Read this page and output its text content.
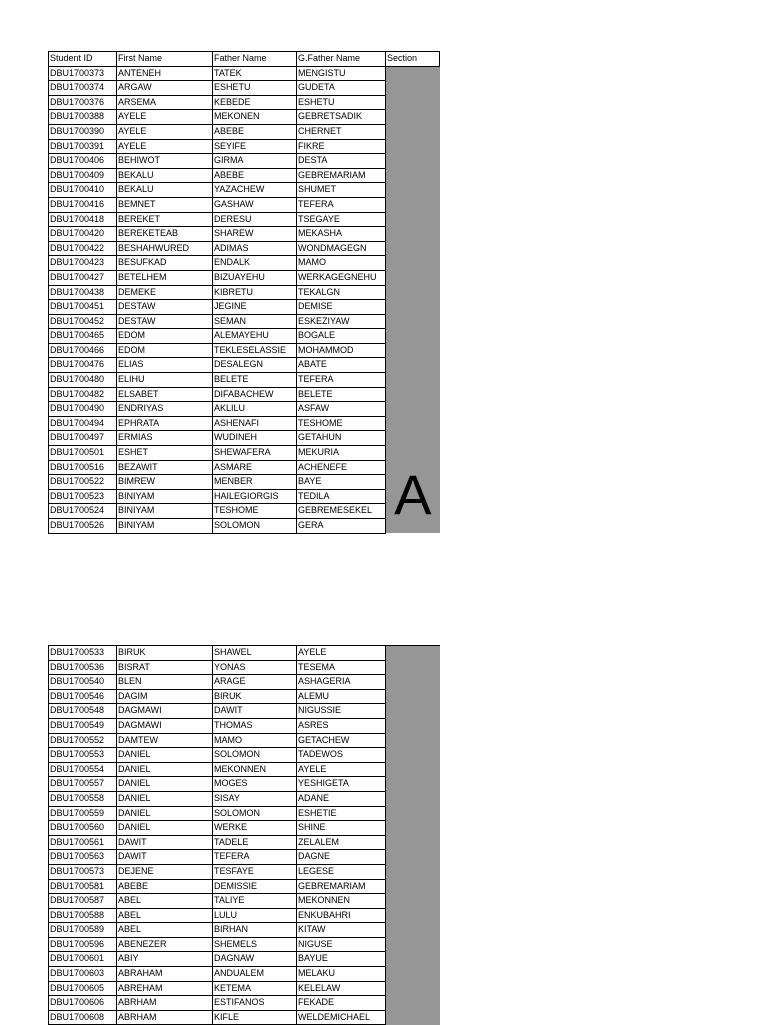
Student ID	First Name	Father Name	G.Father Name	Section
DBU1700373	ANTENEH	TATEK	MENGISTU	A

DBU1700374	ARGAW	ESHETU	GUDETA	
DBU1700376	ARSEMA	KEBEDE	ESHETU	
DBU1700388	AYELE	MEKONEN	GEBRETSADIK	
DBU1700390	AYELE	ABEBE	CHERNET	
DBU1700391	AYELE	SEYIFE	FIKRE	
DBU1700406	BEHIWOT	GIRMA	DESTA	
DBU1700409	BEKALU	ABEBE	GEBREMARIAM	
DBU1700410	BEKALU	YAZACHEW	SHUMET	
DBU1700416	BEMNET	GASHAW	TEFERA	
DBU1700418	BEREKET	DERESU	TSEGAYE	
DBU1700420	BEREKETEAB	SHAREW	MEKASHA	
DBU1700422	BESHAHWURED	ADIMAS	WONDMAGEGN	
DBU1700423	BESUFKAD	ENDALK	MAMO	
DBU1700427	BETELHEM	BIZUAYEHU	WERKAGEGNEHU	
DBU1700438	DEMEKE	KIBRETU	TEKALGN	
DBU1700451	DESTAW	JEGINE	DEMISE	
DBU1700452	DESTAW	SEMAN	ESKEZIYAW	
DBU1700465	EDOM	ALEMAYEHU	BOGALE	
DBU1700466	EDOM	TEKLESELASSIE	MOHAMMOD	
DBU1700476	ELIAS	DESALEGN	ABATE	
DBU1700480	ELIHU	BELETE	TEFERA	
DBU1700482	ELSABET	DIFABACHEW	BELETE	
DBU1700490	ENDRIYAS	AKLILU	ASFAW	
DBU1700494	EPHRATA	ASHENAFI	TESHOME	
DBU1700497	ERMIAS	WUDINEH	GETAHUN	
DBU1700501	ESHET	SHEWAFERA	MEKURIA	
DBU1700516	BEZAWIT	ASMARE	ACHENEFE	
DBU1700522	BIMREW	MENBER	BAYE	
DBU1700523	BINIYAM	HAILEGIORGIS	TEDILA	
DBU1700524	BINIYAM	TESHOME	GEBREMESEKEL	
DBU1700526	BINIYAM	SOLOMON	GERA	
DBU1700533	BIRUK	SHAWEL	AYELE	
DBU1700536	BISRAT	YONAS	TESEMA	
DBU1700540	BLEN	ARAGE	ASHAGERIA	
DBU1700546	DAGIM	BIRUK	ALEMU	
DBU1700548	DAGMAWI	DAWIT	NIGUSSIE	
DBU1700549	DAGMAWI	THOMAS	ASRES	
DBU1700552	DAMTEW	MAMO	GETACHEW	
DBU1700553	DANIEL	SOLOMON	TADEWOS	
DBU1700554	DANIEL	MEKONNEN	AYELE	
DBU1700557	DANIEL	MOGES	YESHIGETA	
DBU1700558	DANIEL	SISAY	ADANE	
DBU1700559	DANIEL	SOLOMON	ESHETIE	
DBU1700560	DANIEL	WERKE	SHINE	
DBU1700561	DAWIT	TADELE	ZELALEM	
DBU1700563	DAWIT	TEFERA	DAGNE	
DBU1700573	DEJENE	TESFAYE	LEGESE	
DBU1700581	ABEBE	DEMISSIE	GEBREMARIAM	
DBU1700587	ABEL	TALIYE	MEKONNEN	
DBU1700588	ABEL	LULU	ENKUBAHRI	
DBU1700589	ABEL	BIRHAN	KITAW	
DBU1700596	ABENEZER	SHEMELS	NIGUSE	
DBU1700601	ABIY	DAGNAW	BAYUE	
DBU1700603	ABRAHAM	ANDUALEM	MELAKU	
DBU1700605	ABREHAM	KETEMA	KELELAW	
DBU1700606	ABRHAM	ESTIFANOS	FEKADE	
DBU1700608	ABRHAM	KIFLE	WELDEMICHAEL	
